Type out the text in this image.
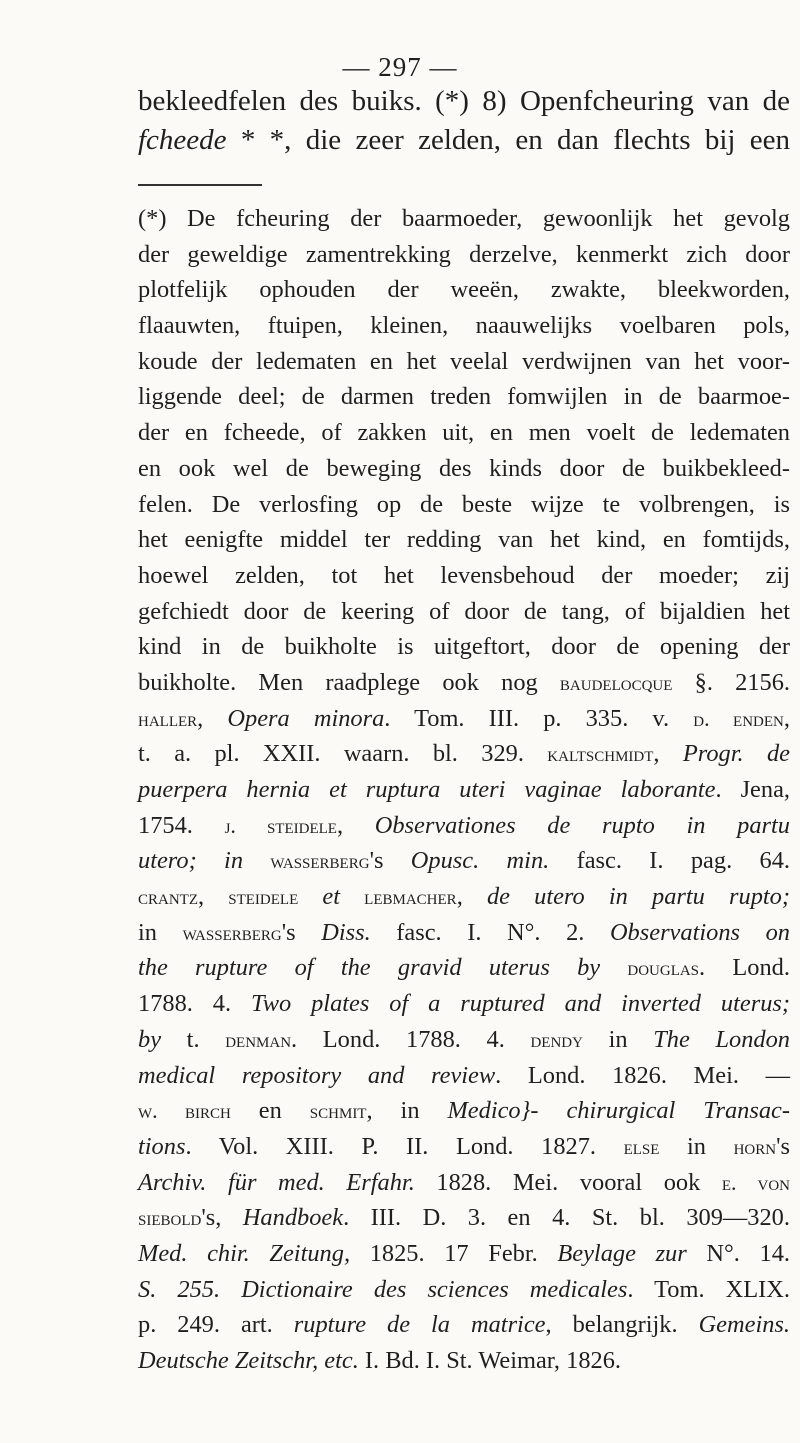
— 297 —
bekleedfelen des buiks. (*) 8) Openfcheuring van de
fcheede * *, die zeer zelden, en dan flechts bij een
(*) De fcheuring der baarmoeder, gewoonlijk het gevolg
der geweldige zamentrekking derzelve, kenmerkt zich door
plotfelijk ophouden der weeën, zwakte, bleekworden,
flaauwten, ftuipen, kleinen, naauwelijks voelbaren pols,
koude der ledematen en het veelal verdwijnen van het voor-
liggende deel; de darmen treden fomwijlen in de baarmoe-
der en fcheede, of zakken uit, en men voelt de ledematen
en ook wel de beweging des kinds door de buikbekleed-
felen. De verlosfing op de beste wijze te volbrengen, is
het eenigfte middel ter redding van het kind, en fomtijds,
hoewel zelden, tot het levensbehoud der moeder; zij
gefchiedt door de keering of door de tang, of bijaldien het
kind in de buikholte is uitgeftort, door de opening der
buikholte. Men raadplege ook nog baudelocque §. 2156.
haller, Opera minora. Tom. III. p. 335. v. d. enden,
t. a. pl. XXII. waarn. bl. 329. kaltschmidt, Progr. de
puerpera hernia et ruptura uteri vaginae laborante. Jena,
1754. j. steidele, Observationes de rupto in partu
utero; in wasserberg's Opusc. min. fasc. I. pag. 64.
crantz, steidele et lebmacher, de utero in partu rupto;
in wasserberg's Diss. fasc. I. N°. 2. Observations on
the rupture of the gravid uterus by douglas. Lond.
1788. 4. Two plates of a ruptured and inverted uterus;
by t. denman. Lond. 1788. 4. dendy in The London
medical repository and review. Lond. 1826. Mei. —
w. birch en schmit, in Medico}- chirurgical Transac-
tions. Vol. XIII. P. II. Lond. 1827. else in horn's
Archiv. für med. Erfahr. 1828. Mei. vooral ook e. von
siebold's, Handboek. III. D. 3. en 4. St. bl. 309—320.
Med. chir. Zeitung, 1825. 17 Febr. Beylage zur N°. 14.
S. 255. Dictionaire des sciences medicales. Tom. XLIX.
p. 249. art. rupture de la matrice, belangrijk. Gemeins.
Deutsche Zeitschr, etc. I. Bd. I. St. Weimar, 1826.
